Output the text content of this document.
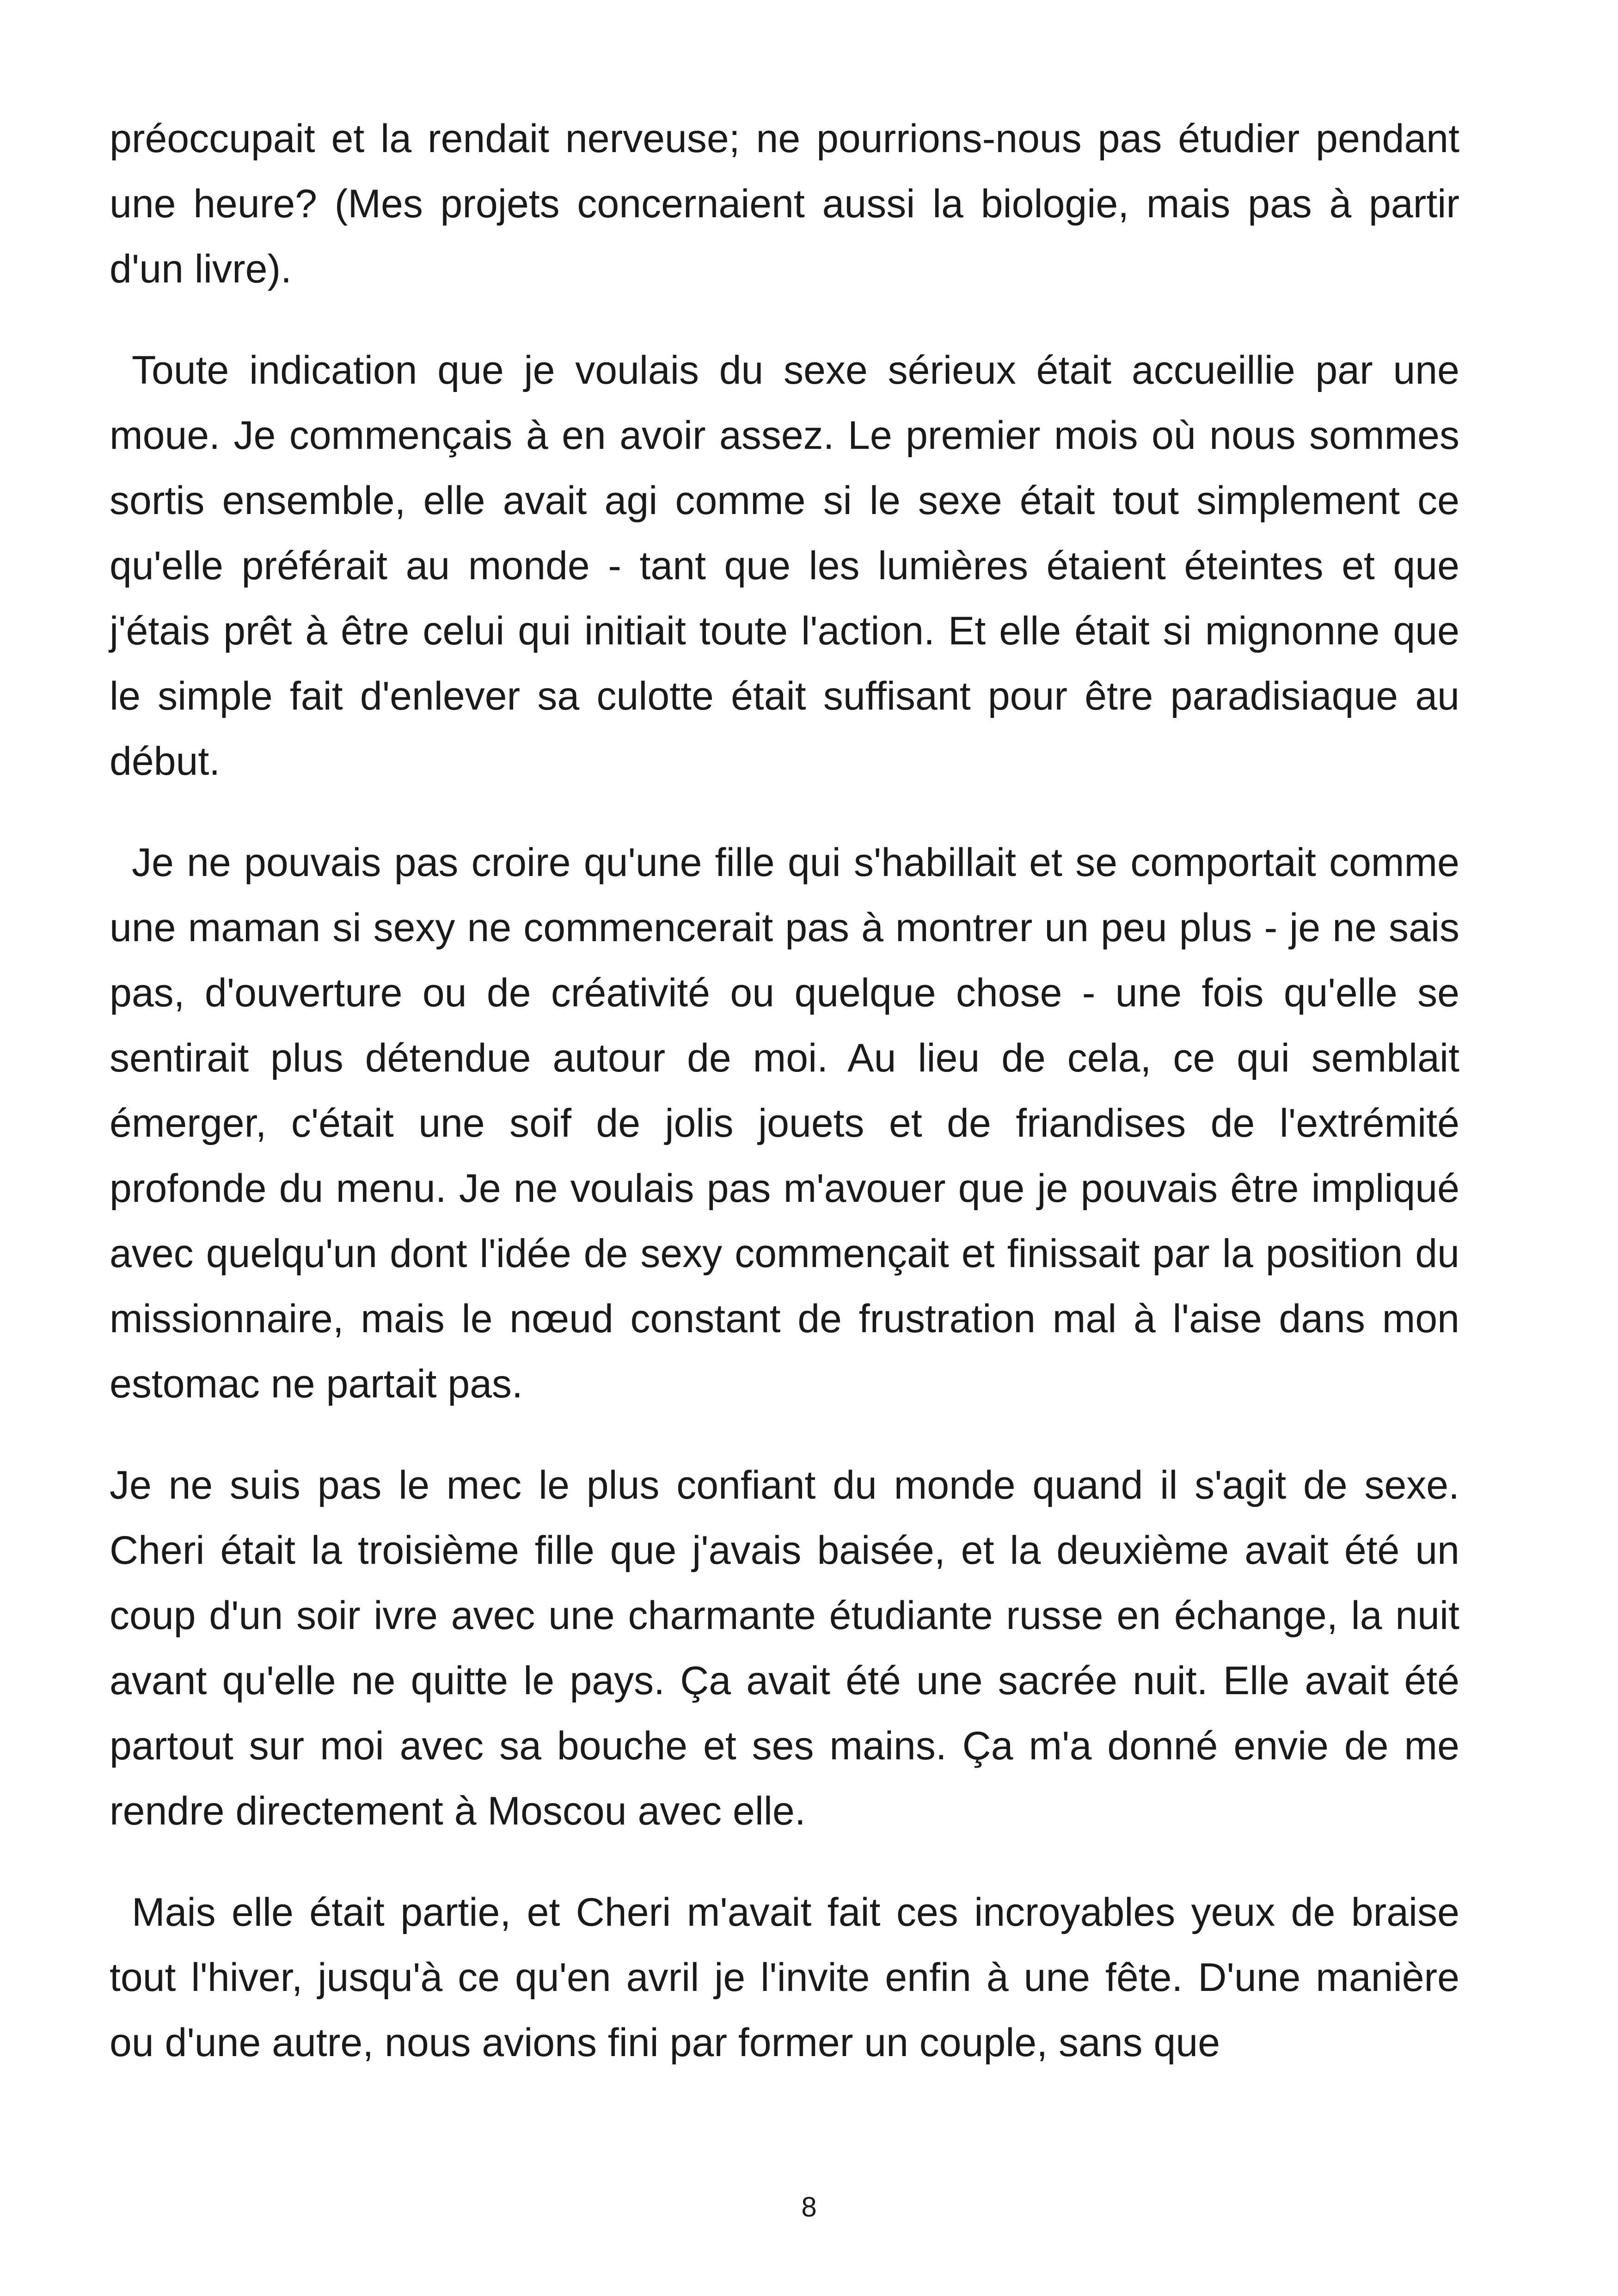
préoccupait et la rendait nerveuse; ne pourrions-nous pas étudier pendant une heure? (Mes projets concernaient aussi la biologie, mais pas à partir d'un livre).

Toute indication que je voulais du sexe sérieux était accueillie par une moue. Je commençais à en avoir assez. Le premier mois où nous sommes sortis ensemble, elle avait agi comme si le sexe était tout simplement ce qu'elle préférait au monde - tant que les lumières étaient éteintes et que j'étais prêt à être celui qui initiait toute l'action. Et elle était si mignonne que le simple fait d'enlever sa culotte était suffisant pour être paradisiaque au début.

Je ne pouvais pas croire qu'une fille qui s'habillait et se comportait comme une maman si sexy ne commencerait pas à montrer un peu plus - je ne sais pas, d'ouverture ou de créativité ou quelque chose - une fois qu'elle se sentirait plus détendue autour de moi. Au lieu de cela, ce qui semblait émerger, c'était une soif de jolis jouets et de friandises de l'extrémité profonde du menu. Je ne voulais pas m'avouer que je pouvais être impliqué avec quelqu'un dont l'idée de sexy commençait et finissait par la position du missionnaire, mais le nœud constant de frustration mal à l'aise dans mon estomac ne partait pas.

Je ne suis pas le mec le plus confiant du monde quand il s'agit de sexe. Cheri était la troisième fille que j'avais baisée, et la deuxième avait été un coup d'un soir ivre avec une charmante étudiante russe en échange, la nuit avant qu'elle ne quitte le pays. Ça avait été une sacrée nuit. Elle avait été partout sur moi avec sa bouche et ses mains. Ça m'a donné envie de me rendre directement à Moscou avec elle.

Mais elle était partie, et Cheri m'avait fait ces incroyables yeux de braise tout l'hiver, jusqu'à ce qu'en avril je l'invite enfin à une fête. D'une manière ou d'une autre, nous avions fini par former un couple, sans que

8
